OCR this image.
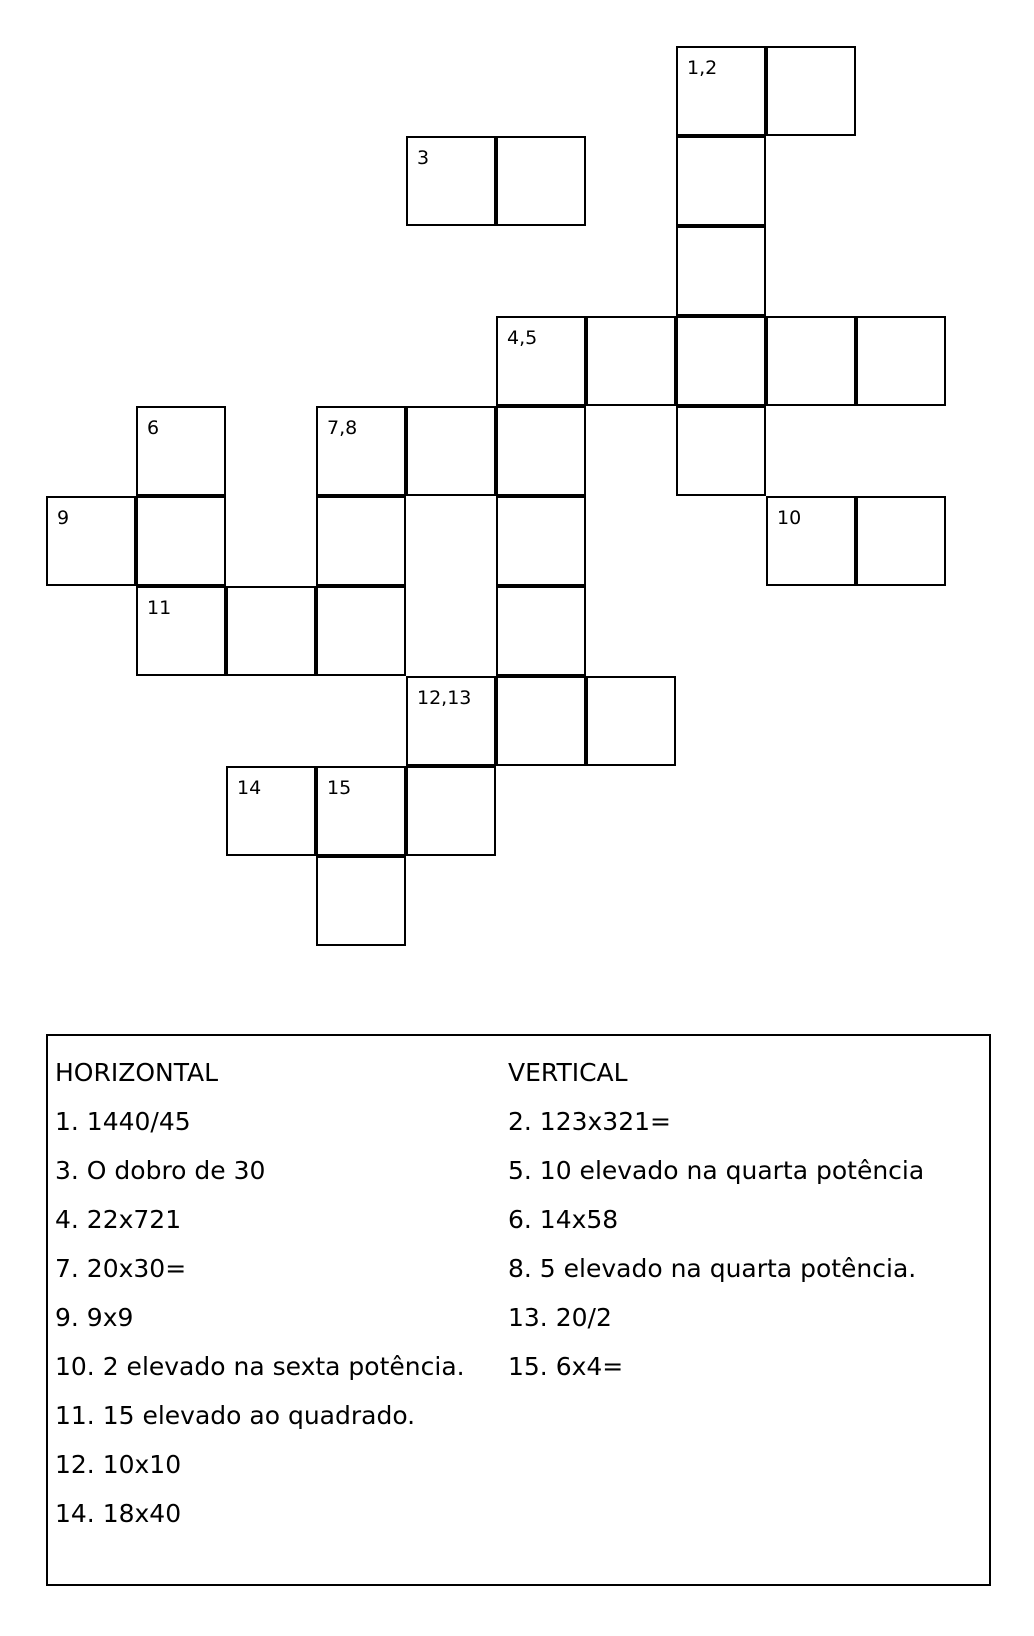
1,2
3
4,5
6	7,8
9	10
11
12,13
14	15
HORIZONTAL
1. 1440/45
3. O dobro de 30
4. 22x721
7. 20x30=
9. 9x9
10. 2 elevado na sexta potência.
11. 15 elevado ao quadrado.
12. 10x10
14. 18x40
VERTICAL
2. 123x321=
5. 10 elevado na quarta potência
6. 14x58
8. 5 elevado na quarta potência.
13. 20/2
15. 6x4=
